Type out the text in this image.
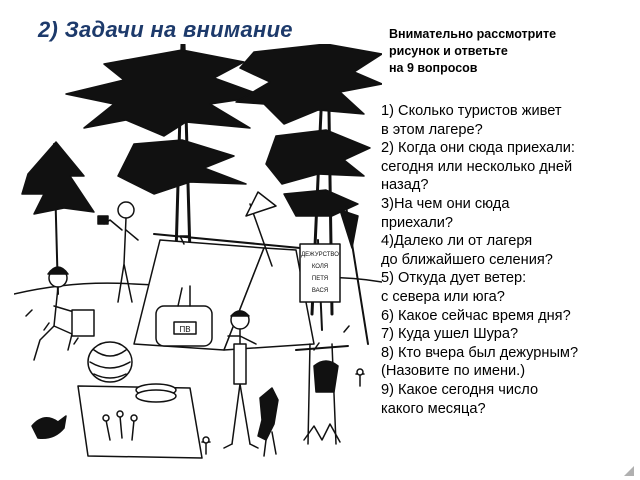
2) Задачи на внимание	Внимательно рассмотрите
рисунок и ответьте
на 9 вопросов
1) Сколько туристов живет
в этом лагере?
2) Когда они сюда приехали:
сегодня или несколько дней
назад?
3)На чем они сюда
приехали?
4)Далеко ли от лагеря
до ближайшего селения?
5) Откуда дует ветер:
с севера или юга?
6) Какое сейчас время дня?
7) Куда ушел Шура?
8) Кто вчера был дежурным?
(Назовите по имени.)
9) Какое сегодня число
какого месяца?
ПВ
ДЕЖУРСТВО
КОЛЯ
ПЕТЯ
ВАСЯ
